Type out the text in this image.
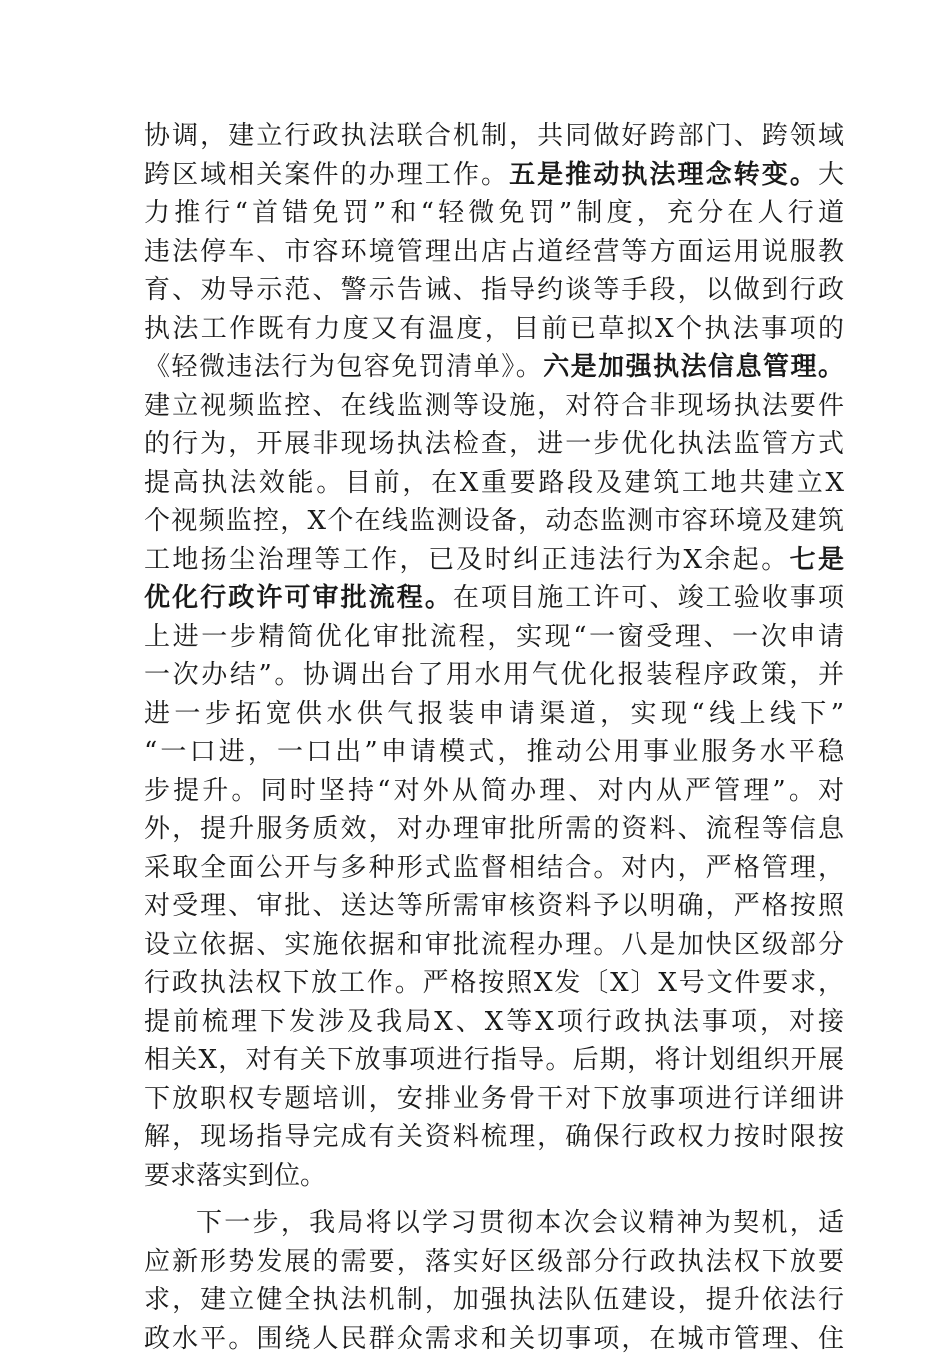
协调，建立行政执法联合机制，共同做好跨部门、跨领域
跨区域相关案件的办理工作。五是推动执法理念转变。大
力推行“首错免罚”和“轻微免罚”制度，充分在人行道
违法停车、市容环境管理出店占道经营等方面运用说服教
育、劝导示范、警示告诫、指导约谈等手段，以做到行政
执法工作既有力度又有温度，目前已草拟X个执法事项的
《轻微违法行为包容免罚清单》。六是加强执法信息管理。
建立视频监控、在线监测等设施，对符合非现场执法要件
的行为，开展非现场执法检查，进一步优化执法监管方式
提高执法效能。目前，在X重要路段及建筑工地共建立X
个视频监控，X个在线监测设备，动态监测市容环境及建筑
工地扬尘治理等工作，已及时纠正违法行为X余起。七是
优化行政许可审批流程。在项目施工许可、竣工验收事项
上进一步精简优化审批流程，实现“一窗受理、一次申请
一次办结”。协调出台了用水用气优化报装程序政策，并
进一步拓宽供水供气报装申请渠道，实现“线上线下”
“一口进，一口出”申请模式，推动公用事业服务水平稳
步提升。同时坚持“对外从简办理、对内从严管理”。对
外，提升服务质效，对办理审批所需的资料、流程等信息
采取全面公开与多种形式监督相结合。对内，严格管理，
对受理、审批、送达等所需审核资料予以明确，严格按照
设立依据、实施依据和审批流程办理。八是加快区级部分
行政执法权下放工作。严格按照X发〔X〕X号文件要求，
提前梳理下发涉及我局X、X等X项行政执法事项，对接
相关X，对有关下放事项进行指导。后期，将计划组织开展
下放职权专题培训，安排业务骨干对下放事项进行详细讲
解，现场指导完成有关资料梳理，确保行政权力按时限按
要求落实到位。
下一步，我局将以学习贯彻本次会议精神为契机，适
应新形势发展的需要，落实好区级部分行政执法权下放要
求，建立健全执法机制，加强执法队伍建设，提升依法行
政水平。围绕人民群众需求和关切事项，在城市管理、住
